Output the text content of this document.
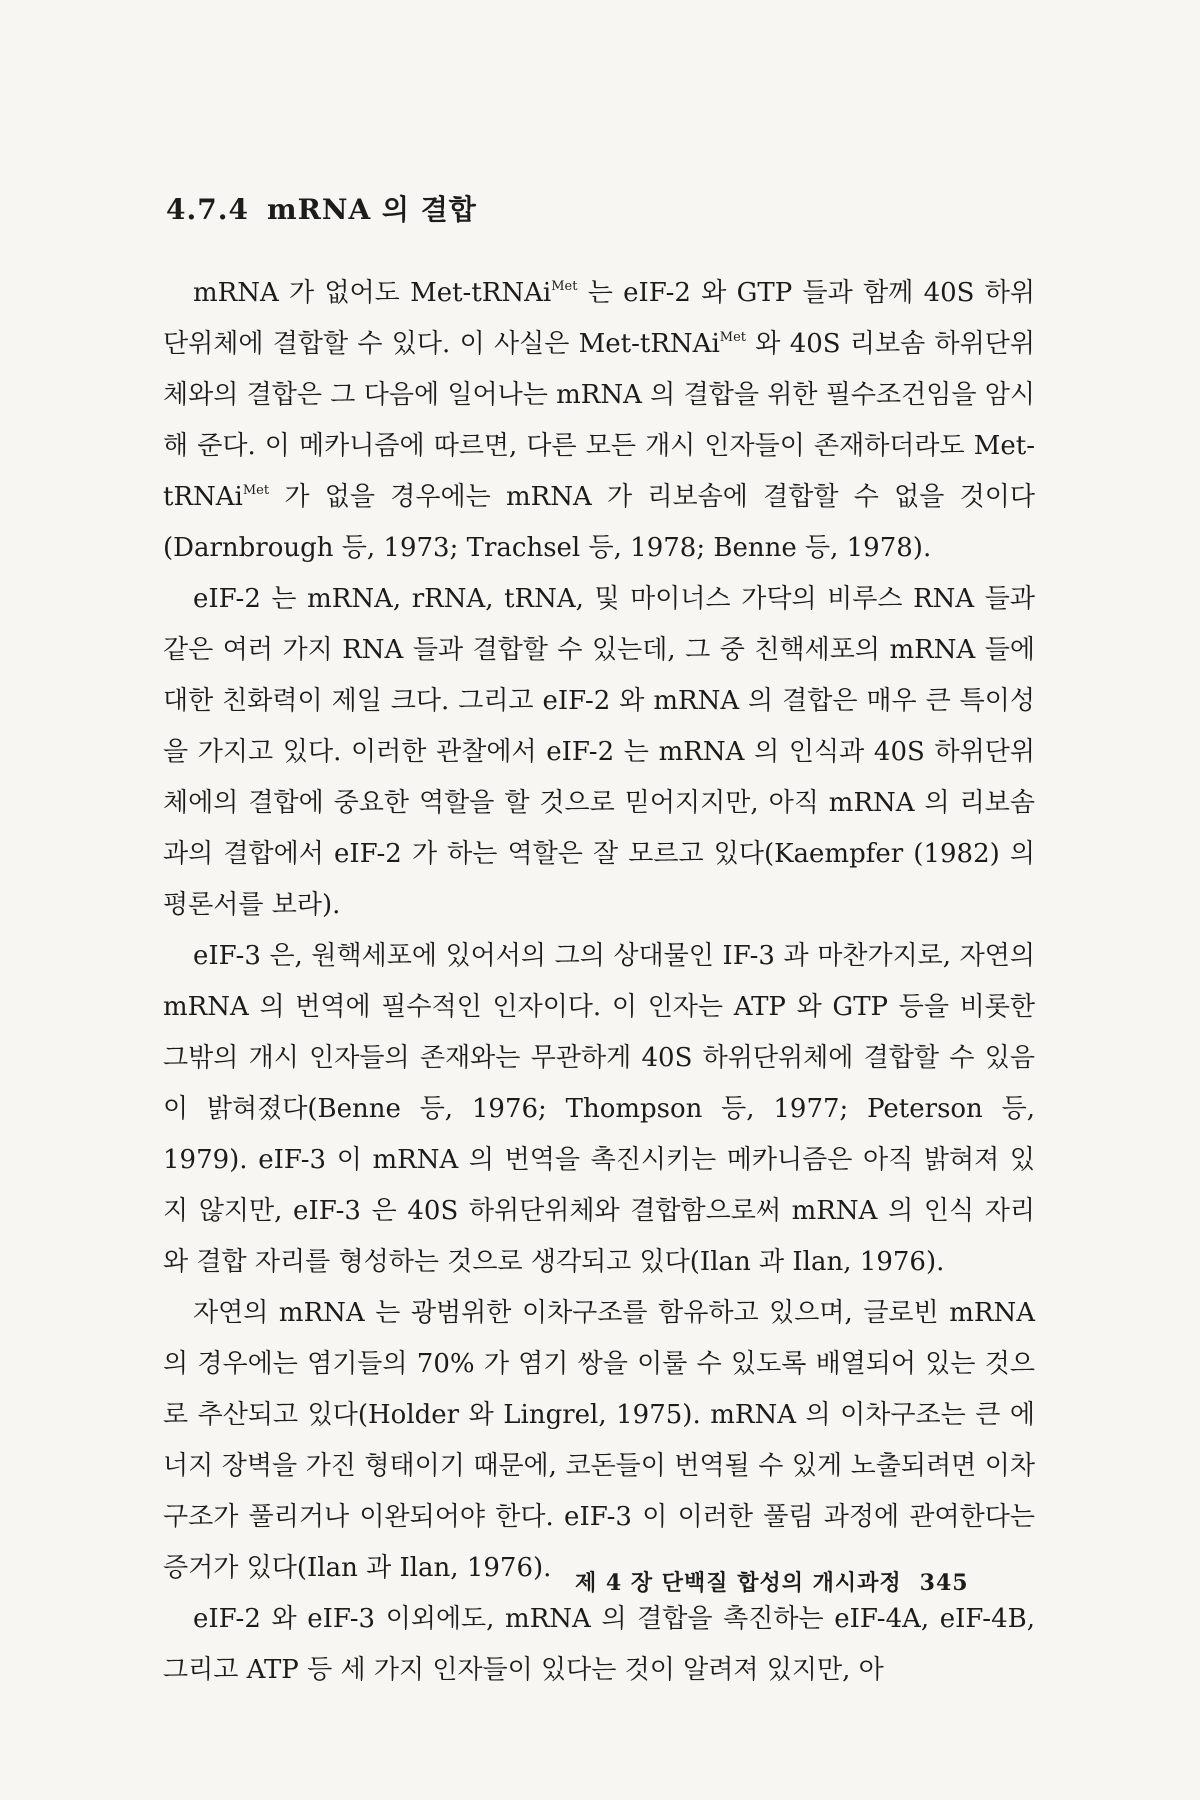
4.7.4 mRNA 의 결합

mRNA 가 없어도 Met-tRNAi$^{Met}$ 는 eIF-2 와 GTP 들과 함께 40S 하위단위체에 결합할 수 있다. 이 사실은 Met-tRNAi$^{Met}$ 와 40S 리보솜 하위단위체와의 결합은 그 다음에 일어나는 mRNA 의 결합을 위한 필수조건임을 암시해 준다. 이 메카니즘에 따르면, 다른 모든 개시 인자들이 존재하더라도 Met-tRNAi$^{Met}$ 가 없을 경우에는 mRNA 가 리보솜에 결합할 수 없을 것이다(Darnbrough 등, 1973; Trachsel 등, 1978; Benne 등, 1978).

eIF-2 는 mRNA, rRNA, tRNA, 및 마이너스 가닥의 비루스 RNA 들과 같은 여러 가지 RNA 들과 결합할 수 있는데, 그 중 친핵세포의 mRNA 들에 대한 친화력이 제일 크다. 그리고 eIF-2 와 mRNA 의 결합은 매우 큰 특이성을 가지고 있다. 이러한 관찰에서 eIF-2 는 mRNA 의 인식과 40S 하위단위체에의 결합에 중요한 역할을 할 것으로 믿어지지만, 아직 mRNA 의 리보솜과의 결합에서 eIF-2 가 하는 역할은 잘 모르고 있다(Kaempfer (1982) 의 평론서를 보라).

eIF-3 은, 원핵세포에 있어서의 그의 상대물인 IF-3 과 마찬가지로, 자연의 mRNA 의 번역에 필수적인 인자이다. 이 인자는 ATP 와 GTP 등을 비롯한 그밖의 개시 인자들의 존재와는 무관하게 40S 하위단위체에 결합할 수 있음이 밝혀졌다(Benne 등, 1976; Thompson 등, 1977; Peterson 등, 1979). eIF-3 이 mRNA 의 번역을 촉진시키는 메카니즘은 아직 밝혀져 있지 않지만, eIF-3 은 40S 하위단위체와 결합함으로써 mRNA 의 인식 자리와 결합 자리를 형성하는 것으로 생각되고 있다(Ilan 과 Ilan, 1976).

자연의 mRNA 는 광범위한 이차구조를 함유하고 있으며, 글로빈 mRNA 의 경우에는 염기들의 70% 가 염기 쌍을 이룰 수 있도록 배열되어 있는 것으로 추산되고 있다(Holder 와 Lingrel, 1975). mRNA 의 이차구조는 큰 에너지 장벽을 가진 형태이기 때문에, 코돈들이 번역될 수 있게 노출되려면 이차구조가 풀리거나 이완되어야 한다. eIF-3 이 이러한 풀림 과정에 관여한다는 증거가 있다(Ilan 과 Ilan, 1976).

eIF-2 와 eIF-3 이외에도, mRNA 의 결합을 촉진하는 eIF-4A, eIF-4B, 그리고 ATP 등 세 가지 인자들이 있다는 것이 알려져 있지만, 아

제 4 장 단백질 합성의 개시과정 345
